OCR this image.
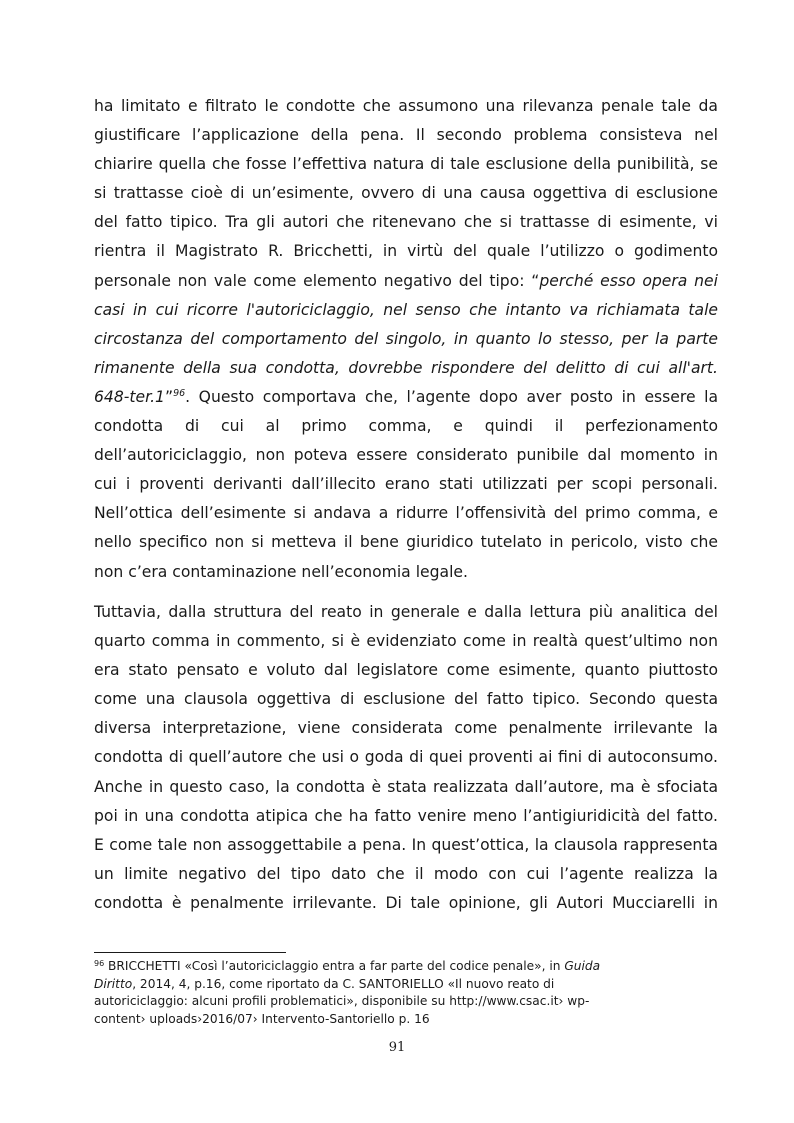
ha limitato e filtrato le condotte che assumono una rilevanza penale tale da
giustificare l’applicazione della pena. Il secondo problema consisteva nel
chiarire quella che fosse l’effettiva natura di tale esclusione della punibilità, se
si trattasse cioè di un’esimente, ovvero di una causa oggettiva di esclusione
del fatto tipico. Tra gli autori che ritenevano che si trattasse di esimente, vi
rientra il Magistrato R. Bricchetti, in virtù del quale l’utilizzo o godimento
personale non vale come elemento negativo del tipo: “perché esso opera nei
casi in cui ricorre l'autoriciclaggio, nel senso che intanto va richiamata tale
circostanza del comportamento del singolo, in quanto lo stesso, per la parte
rimanente della sua condotta, dovrebbe rispondere del delitto di cui all'art.
648-ter.1”$^{96}$. Questo comportava che, l’agente dopo aver posto in essere la
condotta di cui al primo comma, e quindi il perfezionamento
dell’autoriciclaggio, non poteva essere considerato punibile dal momento in
cui i proventi derivanti dall’illecito erano stati utilizzati per scopi personali.
Nell’ottica dell’esimente si andava a ridurre l’offensività del primo comma, e
nello specifico non si metteva il bene giuridico tutelato in pericolo, visto che
non c’era contaminazione nell’economia legale.
Tuttavia, dalla struttura del reato in generale e dalla lettura più analitica del
quarto comma in commento, si è evidenziato come in realtà quest’ultimo non
era stato pensato e voluto dal legislatore come esimente, quanto piuttosto
come una clausola oggettiva di esclusione del fatto tipico. Secondo questa
diversa interpretazione, viene considerata come penalmente irrilevante la
condotta di quell’autore che usi o goda di quei proventi ai fini di autoconsumo.
Anche in questo caso, la condotta è stata realizzata dall’autore, ma è sfociata
poi in una condotta atipica che ha fatto venire meno l’antigiuridicità del fatto.
E come tale non assoggettabile a pena. In quest’ottica, la clausola rappresenta
un limite negativo del tipo dato che il modo con cui l’agente realizza la
condotta è penalmente irrilevante. Di tale opinione, gli Autori Mucciarelli in
$^{96}$ BRICCHETTI «Così l’autoriciclaggio entra a far parte del codice penale», in Guida
Diritto, 2014, 4, p.16, come riportato da C. SANTORIELLO «Il nuovo reato di
autoriciclaggio: alcuni profili problematici», disponibile su http://www.csac.it› wp-
content› uploads›2016/07› Intervento-Santoriello p. 16
91
